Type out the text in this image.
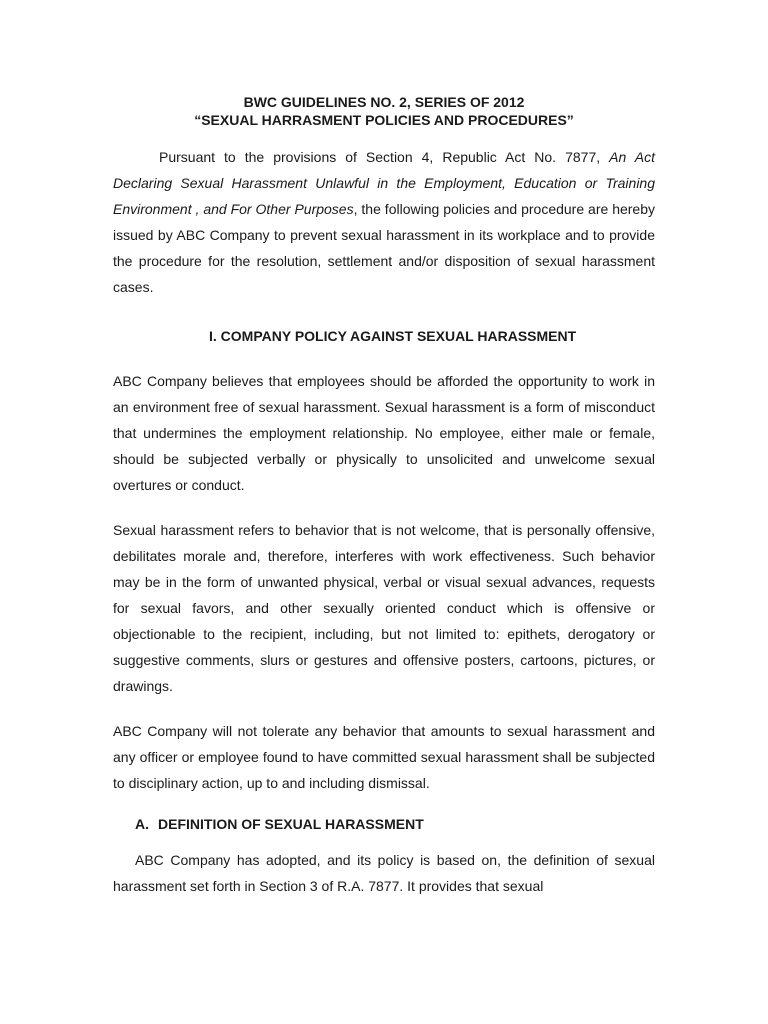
BWC GUIDELINES NO. 2, SERIES OF 2012
“SEXUAL HARRASMENT POLICIES AND PROCEDURES”

Pursuant to the provisions of Section 4, Republic Act No. 7877, An Act Declaring Sexual Harassment Unlawful in the Employment, Education or Training Environment , and For Other Purposes, the following policies and procedure are hereby issued by ABC Company to prevent sexual harassment in its workplace and to provide the procedure for the resolution, settlement and/or disposition of sexual harassment cases.

I. COMPANY POLICY AGAINST SEXUAL HARASSMENT

ABC Company believes that employees should be afforded the opportunity to work in an environment free of sexual harassment. Sexual harassment is a form of misconduct that undermines the employment relationship. No employee, either male or female, should be subjected verbally or physically to unsolicited and unwelcome sexual overtures or conduct.

Sexual harassment refers to behavior that is not welcome, that is personally offensive, debilitates morale and, therefore, interferes with work effectiveness. Such behavior may be in the form of unwanted physical, verbal or visual sexual advances, requests for sexual favors, and other sexually oriented conduct which is offensive or objectionable to the recipient, including, but not limited to: epithets, derogatory or suggestive comments, slurs or gestures and offensive posters, cartoons, pictures, or drawings.

ABC Company will not tolerate any behavior that amounts to sexual harassment and any officer or employee found to have committed sexual harassment shall be subjected to disciplinary action, up to and including dismissal.

A. DEFINITION OF SEXUAL HARASSMENT

ABC Company has adopted, and its policy is based on, the definition of sexual harassment set forth in Section 3 of R.A. 7877. It provides that sexual
